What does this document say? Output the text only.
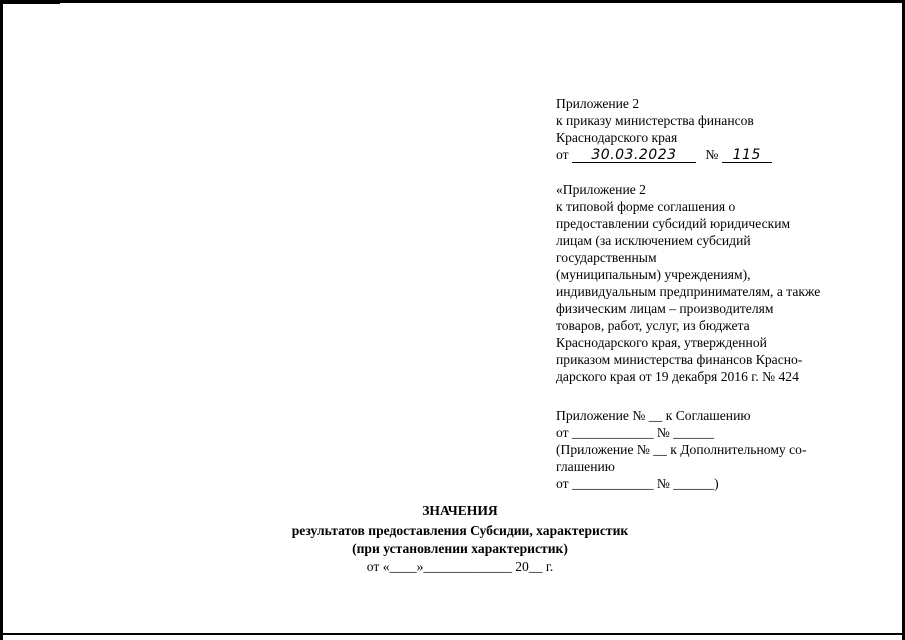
Приложение 2
к приказу министерства финансов
Краснодарского края
от 30.03.2023 № 115
«Приложение 2
к типовой форме соглашения о
предоставлении субсидий юридическим
лицам (за исключением субсидий
государственным
(муниципальным) учреждениям),
индивидуальным предпринимателям, а также
физическим лицам – производителям
товаров, работ, услуг, из бюджета
Краснодарского края, утвержденной
приказом министерства финансов Красно-
дарского края от 19 декабря 2016 г. № 424
Приложение № __ к Соглашению
от ____________ № ______
(Приложение № __ к Дополнительному со-
глашению
от ____________ № ______)
ЗНАЧЕНИЯ
результатов предоставления Субсидии, характеристик
(при установлении характеристик)
от «____»_____________ 20__ г.
